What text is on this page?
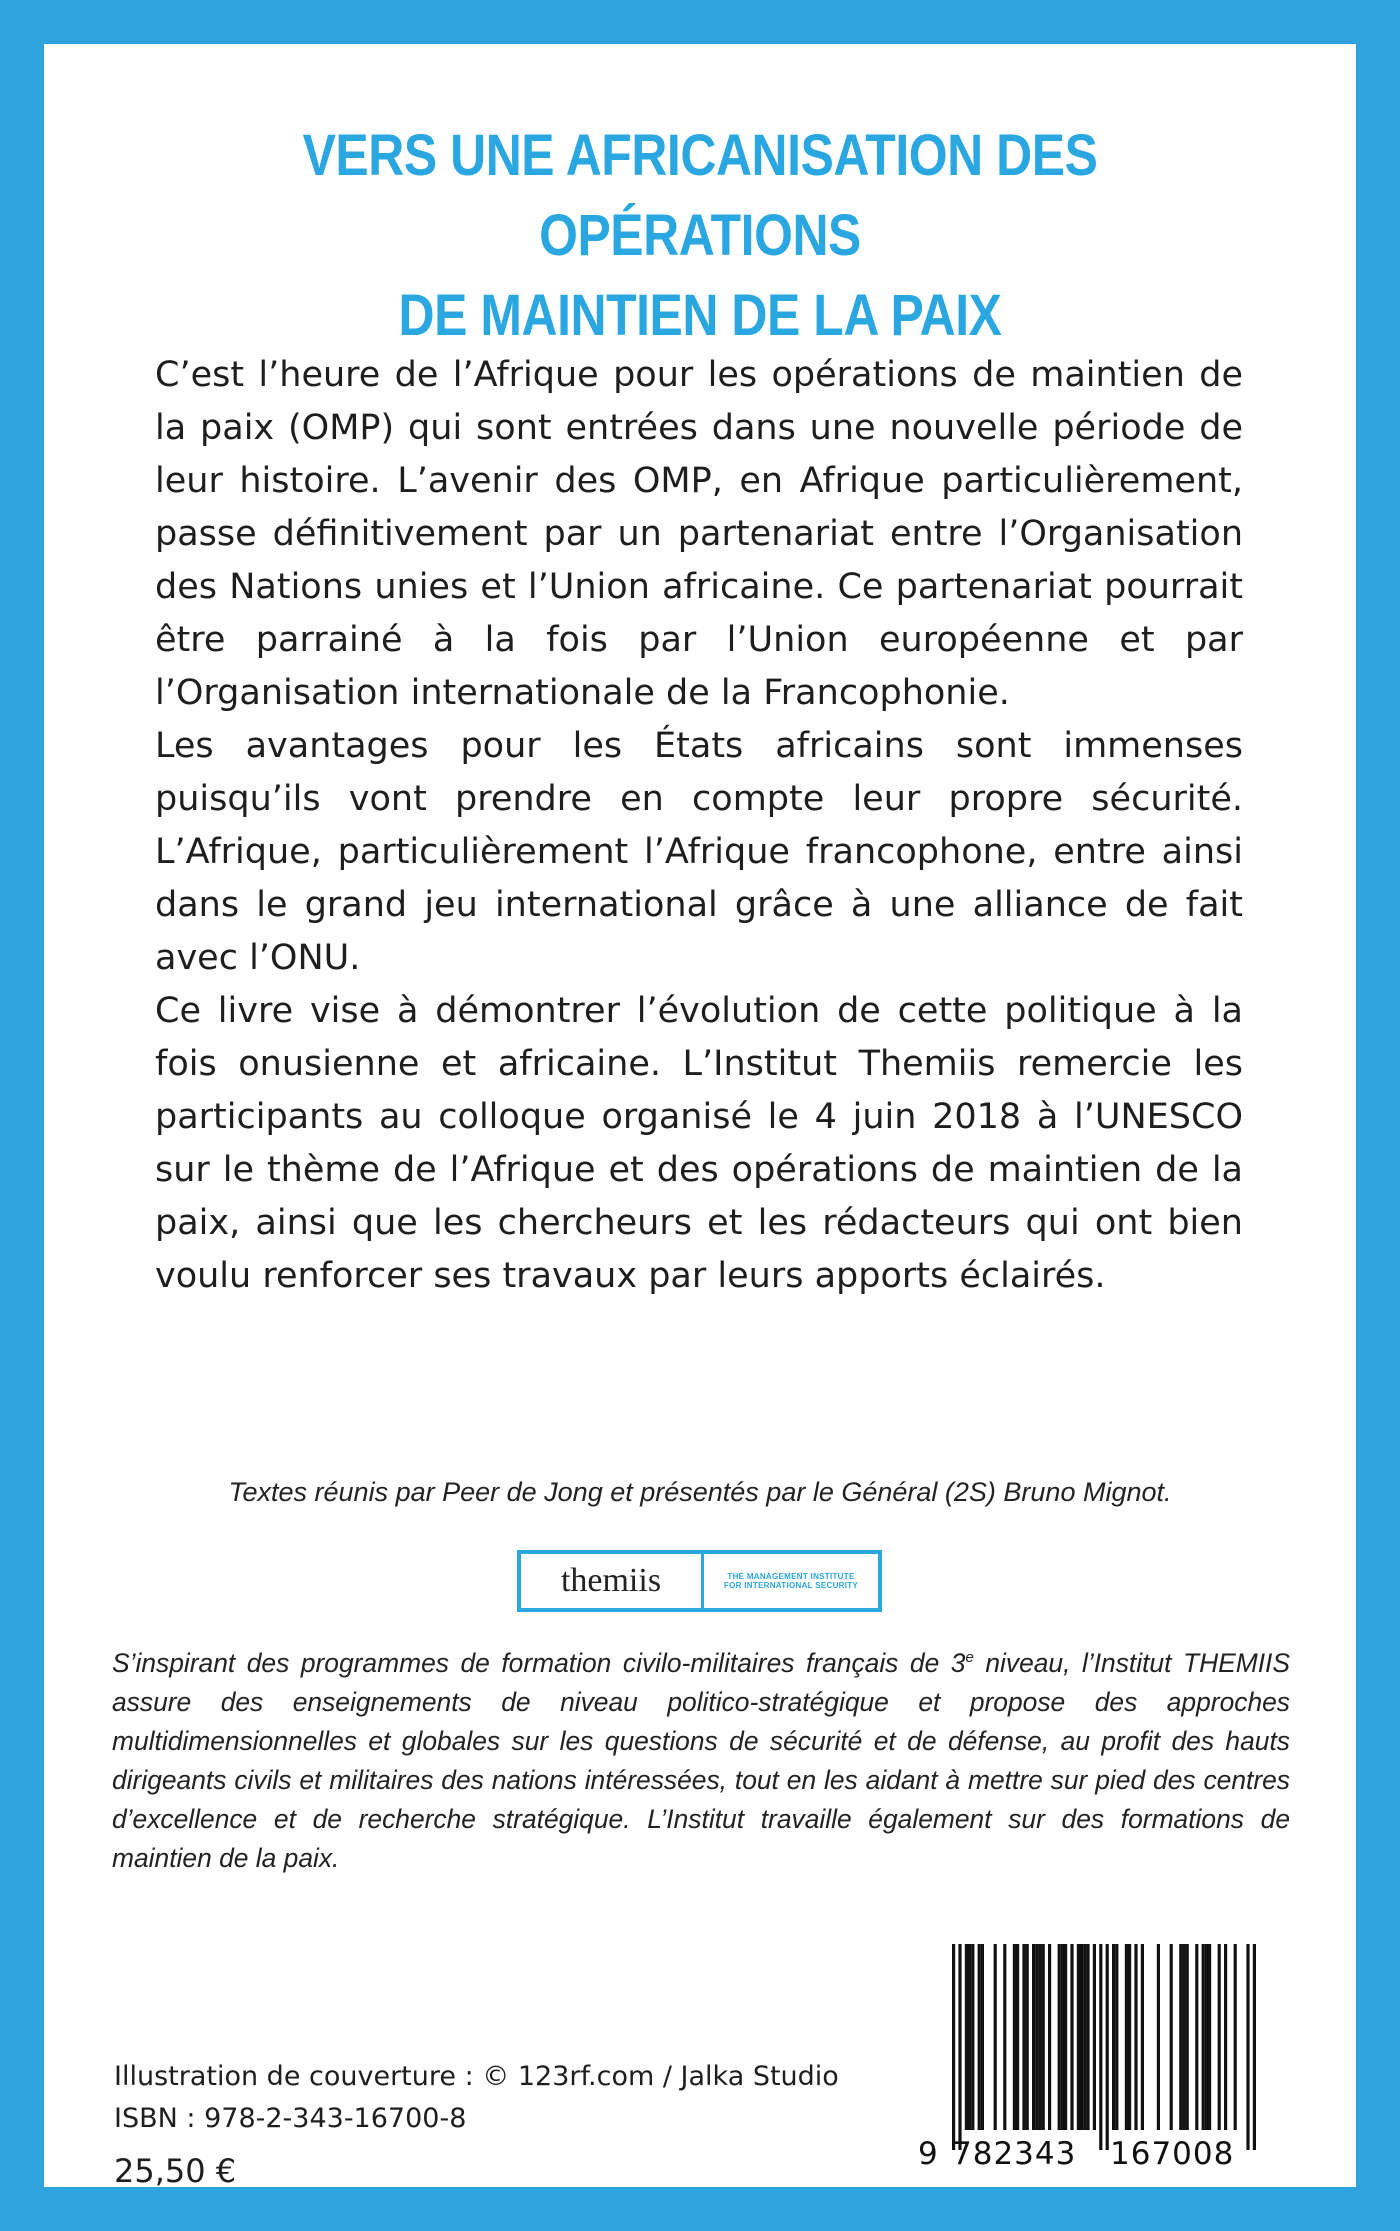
VERS UNE AFRICANISATION DES OPÉRATIONS
DE MAINTIEN DE LA PAIX

C’est l’heure de l’Afrique pour les opérations de maintien de la paix (OMP) qui sont entrées dans une nouvelle période de leur histoire. L’avenir des OMP, en Afrique particulièrement, passe définitivement par un partenariat entre l’Organisation des Nations unies et l’Union africaine. Ce partenariat pourrait être parrainé à la fois par l’Union européenne et par l’Organisation internationale de la Francophonie.

Les avantages pour les États africains sont immenses puisqu’ils vont prendre en compte leur propre sécurité. L’Afrique, particulièrement l’Afrique francophone, entre ainsi dans le grand jeu international grâce à une alliance de fait avec l’ONU.

Ce livre vise à démontrer l’évolution de cette politique à la fois onusienne et africaine. L’Institut Themiis remercie les participants au colloque organisé le 4 juin 2018 à l’UNESCO sur le thème de l’Afrique et des opérations de maintien de la paix, ainsi que les chercheurs et les rédacteurs qui ont bien voulu renforcer ses travaux par leurs apports éclairés.

Textes réunis par Peer de Jong et présentés par le Général (2S) Bruno Mignot.
themiis	THE MANAGEMENT INSTITUTE
FOR INTERNATIONAL SECURITY

S’inspirant des programmes de formation civilo-militaires français de 3e niveau, l’Institut THEMIIS assure des enseignements de niveau politico-stratégique et propose des approches multidimensionnelles et globales sur les questions de sécurité et de défense, au profit des hauts dirigeants civils et militaires des nations intéressées, tout en les aidant à mettre sur pied des centres d’excellence et de recherche stratégique. L’Institut travaille également sur des formations de maintien de la paix.

Illustration de couverture : © 123rf.com / Jalka Studio
ISBN : 978-2-343-16700-8
25,50 €	9 782343 167008
